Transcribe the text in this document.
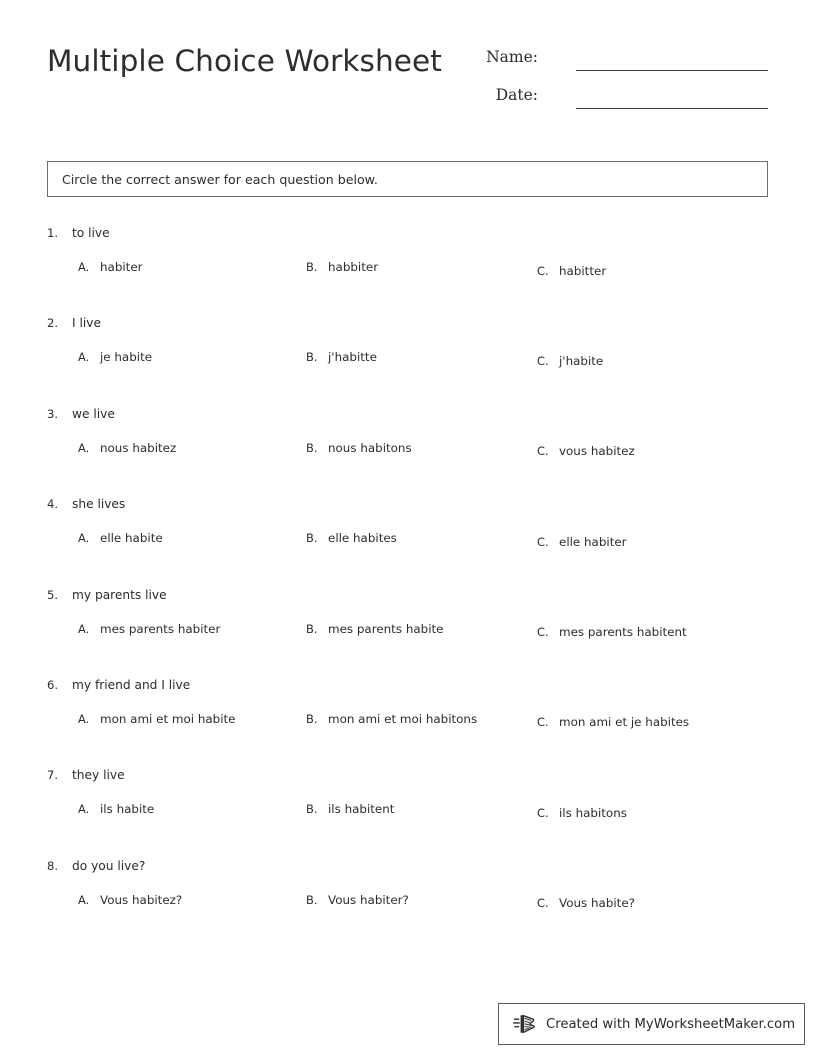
Multiple Choice Worksheet	Name:
Date:
Circle the correct answer for each question below.
1. to live
A. habiter	B. habbiter	C. habitter
2. I live
A. je habite	B. j'habitte	C. j'habite
3. we live
A. nous habitez	B. nous habitons	C. vous habitez
4. she lives
A. elle habite	B. elle habites	C. elle habiter
5. my parents live
A. mes parents habiter	B. mes parents habite	C. mes parents habitent
6. my friend and I live
A. mon ami et moi habite	B. mon ami et moi habitons	C. mon ami et je habites
7. they live
A. ils habite	B. ils habitent	C. ils habitons
8. do you live?
A. Vous habitez?	B. Vous habiter?	C. Vous habite?
Created with MyWorksheetMaker.com
